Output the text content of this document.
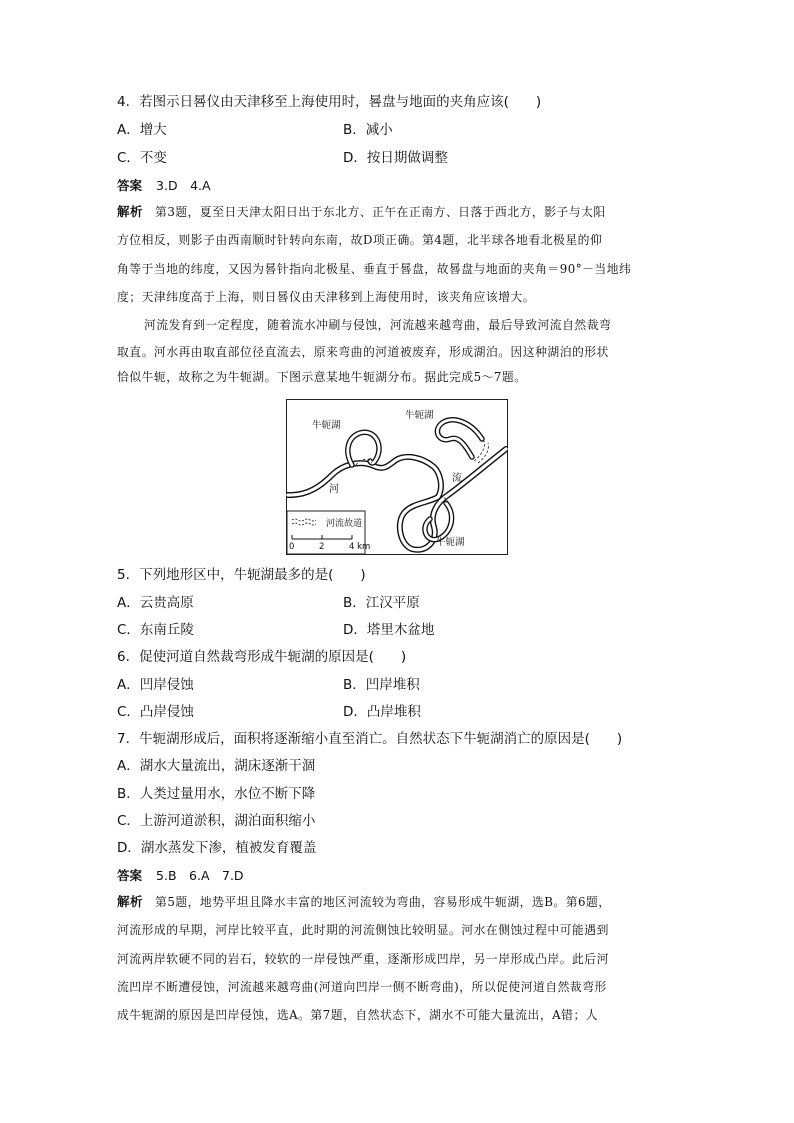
4．若图示日晷仪由天津移至上海使用时，晷盘与地面的夹角应该(　　)
A．增大	B．减小
C．不变	D．按日期做调整
答案 3.D　4.A
解析 第3题，夏至日天津太阳日出于东北方、正午在正南方、日落于西北方，影子与太阳
方位相反，则影子由西南顺时针转向东南，故D项正确。第4题，北半球各地看北极星的仰
角等于当地的纬度，又因为晷针指向北极星、垂直于晷盘，故晷盘与地面的夹角＝90°－当地纬
度；天津纬度高于上海，则日晷仪由天津移到上海使用时，该夹角应该增大。
河流发育到一定程度，随着流水冲刷与侵蚀，河流越来越弯曲，最后导致河流自然裁弯
取直。河水再由取直部位径直流去，原来弯曲的河道被废弃，形成湖泊。因这种湖泊的形状
恰似牛轭，故称之为牛轭湖。下图示意某地牛轭湖分布。据此完成5～7题。
牛轭湖
牛轭湖
牛轭湖
河
流
河流故道
0	2	4 km
5．下列地形区中，牛轭湖最多的是(　　)
A．云贵高原	B．江汉平原
C．东南丘陵	D．塔里木盆地
6．促使河道自然裁弯形成牛轭湖的原因是(　　)
A．凹岸侵蚀	B．凹岸堆积
C．凸岸侵蚀	D．凸岸堆积
7．牛轭湖形成后，面积将逐渐缩小直至消亡。自然状态下牛轭湖消亡的原因是(　　)
A．湖水大量流出，湖床逐渐干涸
B．人类过量用水，水位不断下降
C．上游河道淤积，湖泊面积缩小
D．湖水蒸发下渗，植被发育覆盖
答案 5.B　6.A　7.D
解析 第5题，地势平坦且降水丰富的地区河流较为弯曲，容易形成牛轭湖，选B。第6题，
河流形成的早期，河岸比较平直，此时期的河流侧蚀比较明显。河水在侧蚀过程中可能遇到
河流两岸软硬不同的岩石，较软的一岸侵蚀严重，逐渐形成凹岸，另一岸形成凸岸。此后河
流凹岸不断遭侵蚀，河流越来越弯曲(河道向凹岸一侧不断弯曲)，所以促使河道自然裁弯形
成牛轭湖的原因是凹岸侵蚀，选A。第7题，自然状态下，湖水不可能大量流出，A错；人
